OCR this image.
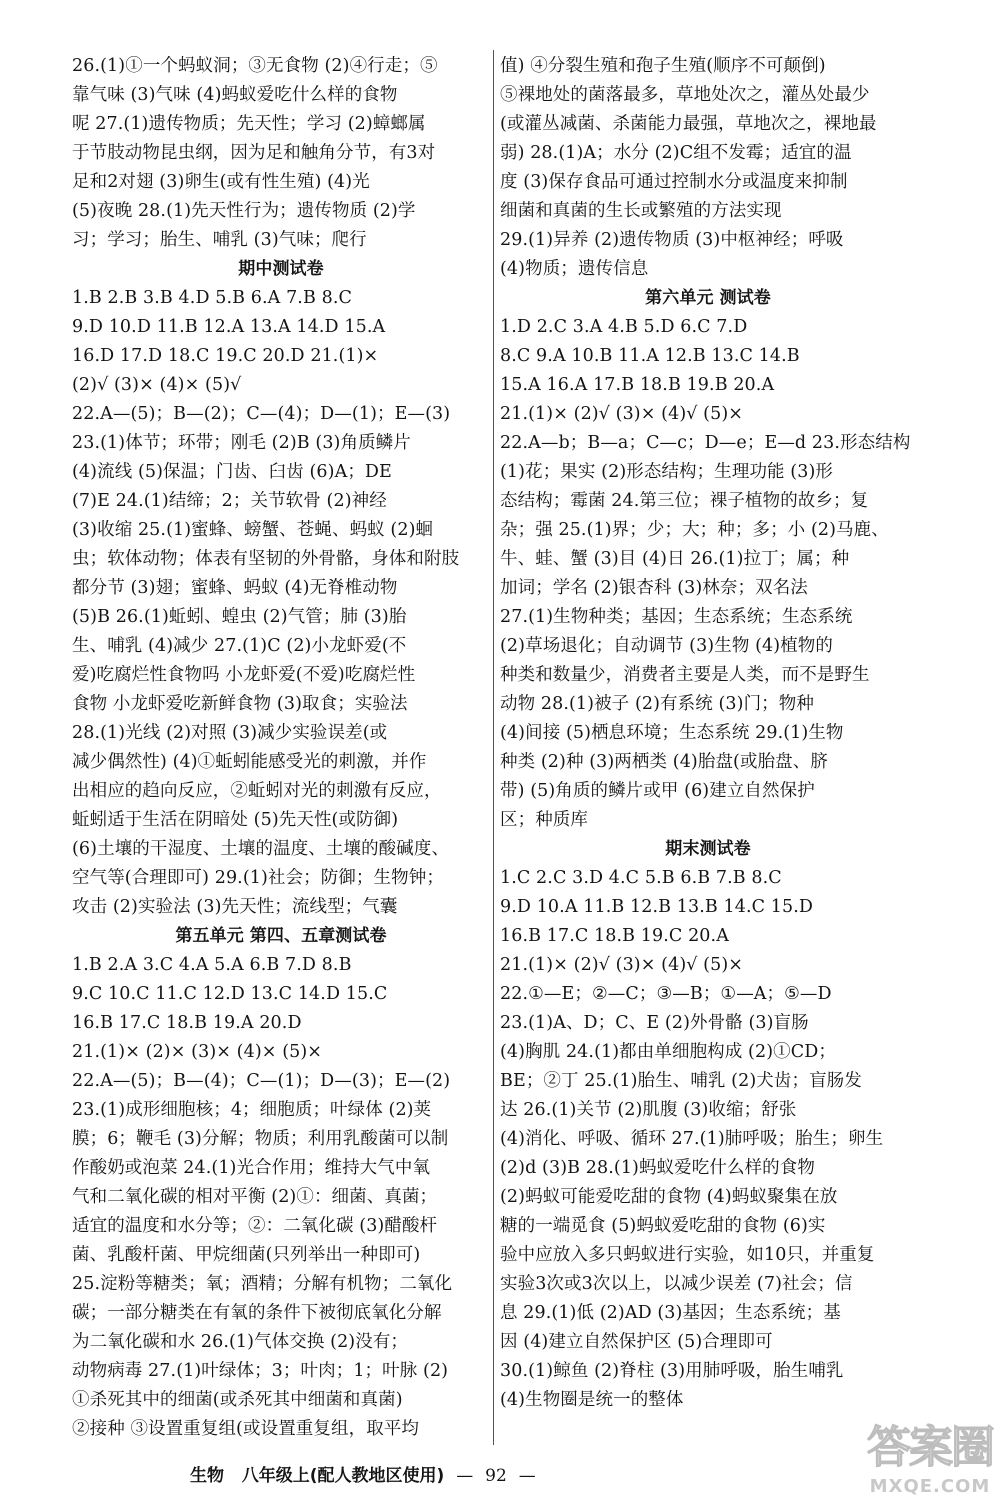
26.(1)①一个蚂蚁洞；③无食物 (2)④行走；⑤
靠气味 (3)气味 (4)蚂蚁爱吃什么样的食物
呢 27.(1)遗传物质；先天性；学习 (2)蟑螂属
于节肢动物昆虫纲，因为足和触角分节，有3对
足和2对翅 (3)卵生(或有性生殖) (4)光
(5)夜晚 28.(1)先天性行为；遗传物质 (2)学
习；学习；胎生、哺乳 (3)气味；爬行
期中测试卷
1.B 2.B 3.B 4.D 5.B 6.A 7.B 8.C
9.D 10.D 11.B 12.A 13.A 14.D 15.A
16.D 17.D 18.C 19.C 20.D 21.(1)×
(2)√ (3)× (4)× (5)√
22.A—(5)；B—(2)；C—(4)；D—(1)；E—(3)
23.(1)体节；环带；刚毛 (2)B (3)角质鳞片
(4)流线 (5)保温；门齿、臼齿 (6)A；DE
(7)E 24.(1)结缔；2；关节软骨 (2)神经
(3)收缩 25.(1)蜜蜂、螃蟹、苍蝇、蚂蚁 (2)蛔
虫；软体动物；体表有坚韧的外骨骼，身体和附肢
都分节 (3)翅；蜜蜂、蚂蚁 (4)无脊椎动物
(5)B 26.(1)蚯蚓、蝗虫 (2)气管；肺 (3)胎
生、哺乳 (4)减少 27.(1)C (2)小龙虾爱(不
爱)吃腐烂性食物吗 小龙虾爱(不爱)吃腐烂性
食物 小龙虾爱吃新鲜食物 (3)取食；实验法
28.(1)光线 (2)对照 (3)减少实验误差(或
减少偶然性) (4)①蚯蚓能感受光的刺激，并作
出相应的趋向反应，②蚯蚓对光的刺激有反应，
蚯蚓适于生活在阴暗处 (5)先天性(或防御)
(6)土壤的干湿度、土壤的温度、土壤的酸碱度、
空气等(合理即可) 29.(1)社会；防御；生物钟；
攻击 (2)实验法 (3)先天性；流线型；气囊
第五单元 第四、五章测试卷
1.B 2.A 3.C 4.A 5.A 6.B 7.D 8.B
9.C 10.C 11.C 12.D 13.C 14.D 15.C
16.B 17.C 18.B 19.A 20.D
21.(1)× (2)× (3)× (4)× (5)×
22.A—(5)；B—(4)；C—(1)；D—(3)；E—(2)
23.(1)成形细胞核；4；细胞质；叶绿体 (2)荚
膜；6；鞭毛 (3)分解；物质；利用乳酸菌可以制
作酸奶或泡菜 24.(1)光合作用；维持大气中氧
气和二氧化碳的相对平衡 (2)①：细菌、真菌；
适宜的温度和水分等；②：二氧化碳 (3)醋酸杆
菌、乳酸杆菌、甲烷细菌(只列举出一种即可)
25.淀粉等糖类；氧；酒精；分解有机物；二氧化
碳；一部分糖类在有氧的条件下被彻底氧化分解
为二氧化碳和水 26.(1)气体交换 (2)没有；
动物病毒 27.(1)叶绿体；3；叶肉；1；叶脉 (2)
①杀死其中的细菌(或杀死其中细菌和真菌)
②接种 ③设置重复组(或设置重复组，取平均
值) ④分裂生殖和孢子生殖(顺序不可颠倒)
⑤裸地处的菌落最多，草地处次之，灌丛处最少
(或灌丛减菌、杀菌能力最强，草地次之，裸地最
弱) 28.(1)A；水分 (2)C组不发霉；适宜的温
度 (3)保存食品可通过控制水分或温度来抑制
细菌和真菌的生长或繁殖的方法实现
29.(1)异养 (2)遗传物质 (3)中枢神经；呼吸
(4)物质；遗传信息
第六单元 测试卷
1.D 2.C 3.A 4.B 5.D 6.C 7.D
8.C 9.A 10.B 11.A 12.B 13.C 14.B
15.A 16.A 17.B 18.B 19.B 20.A
21.(1)× (2)√ (3)× (4)√ (5)×
22.A—b；B—a；C—c；D—e；E—d 23.形态结构
(1)花；果实 (2)形态结构；生理功能 (3)形
态结构；霉菌 24.第三位；裸子植物的故乡；复
杂；强 25.(1)界；少；大；种；多；小 (2)马鹿、
牛、蛙、蟹 (3)目 (4)日 26.(1)拉丁；属；种
加词；学名 (2)银杏科 (3)林奈；双名法
27.(1)生物种类；基因；生态系统；生态系统
(2)草场退化；自动调节 (3)生物 (4)植物的
种类和数量少，消费者主要是人类，而不是野生
动物 28.(1)被子 (2)有系统 (3)门；物种
(4)间接 (5)栖息环境；生态系统 29.(1)生物
种类 (2)种 (3)两栖类 (4)胎盘(或胎盘、脐
带) (5)角质的鳞片或甲 (6)建立自然保护
区；种质库
期末测试卷
1.C 2.C 3.D 4.C 5.B 6.B 7.B 8.C
9.D 10.A 11.B 12.B 13.B 14.C 15.D
16.B 17.C 18.B 19.C 20.A
21.(1)× (2)√ (3)× (4)√ (5)×
22.①—E；②—C；③—B；①—A；⑤—D
23.(1)A、D；C、E (2)外骨骼 (3)盲肠
(4)胸肌 24.(1)都由单细胞构成 (2)①CD；
BE；②丁 25.(1)胎生、哺乳 (2)犬齿；盲肠发
达 26.(1)关节 (2)肌腹 (3)收缩；舒张
(4)消化、呼吸、循环 27.(1)肺呼吸；胎生；卵生
(2)d (3)B 28.(1)蚂蚁爱吃什么样的食物
(2)蚂蚁可能爱吃甜的食物 (4)蚂蚁聚集在放
糖的一端觅食 (5)蚂蚁爱吃甜的食物 (6)实
验中应放入多只蚂蚁进行实验，如10只，并重复
实验3次或3次以上，以减少误差 (7)社会；信
息 29.(1)低 (2)AD (3)基因；生态系统；基
因 (4)建立自然保护区 (5)合理即可
30.(1)鲸鱼 (2)脊柱 (3)用肺呼吸，胎生哺乳
(4)生物圈是统一的整体
生物 八年级上(配人教地区使用) — 92 —
答案圈
MXQE.COM
